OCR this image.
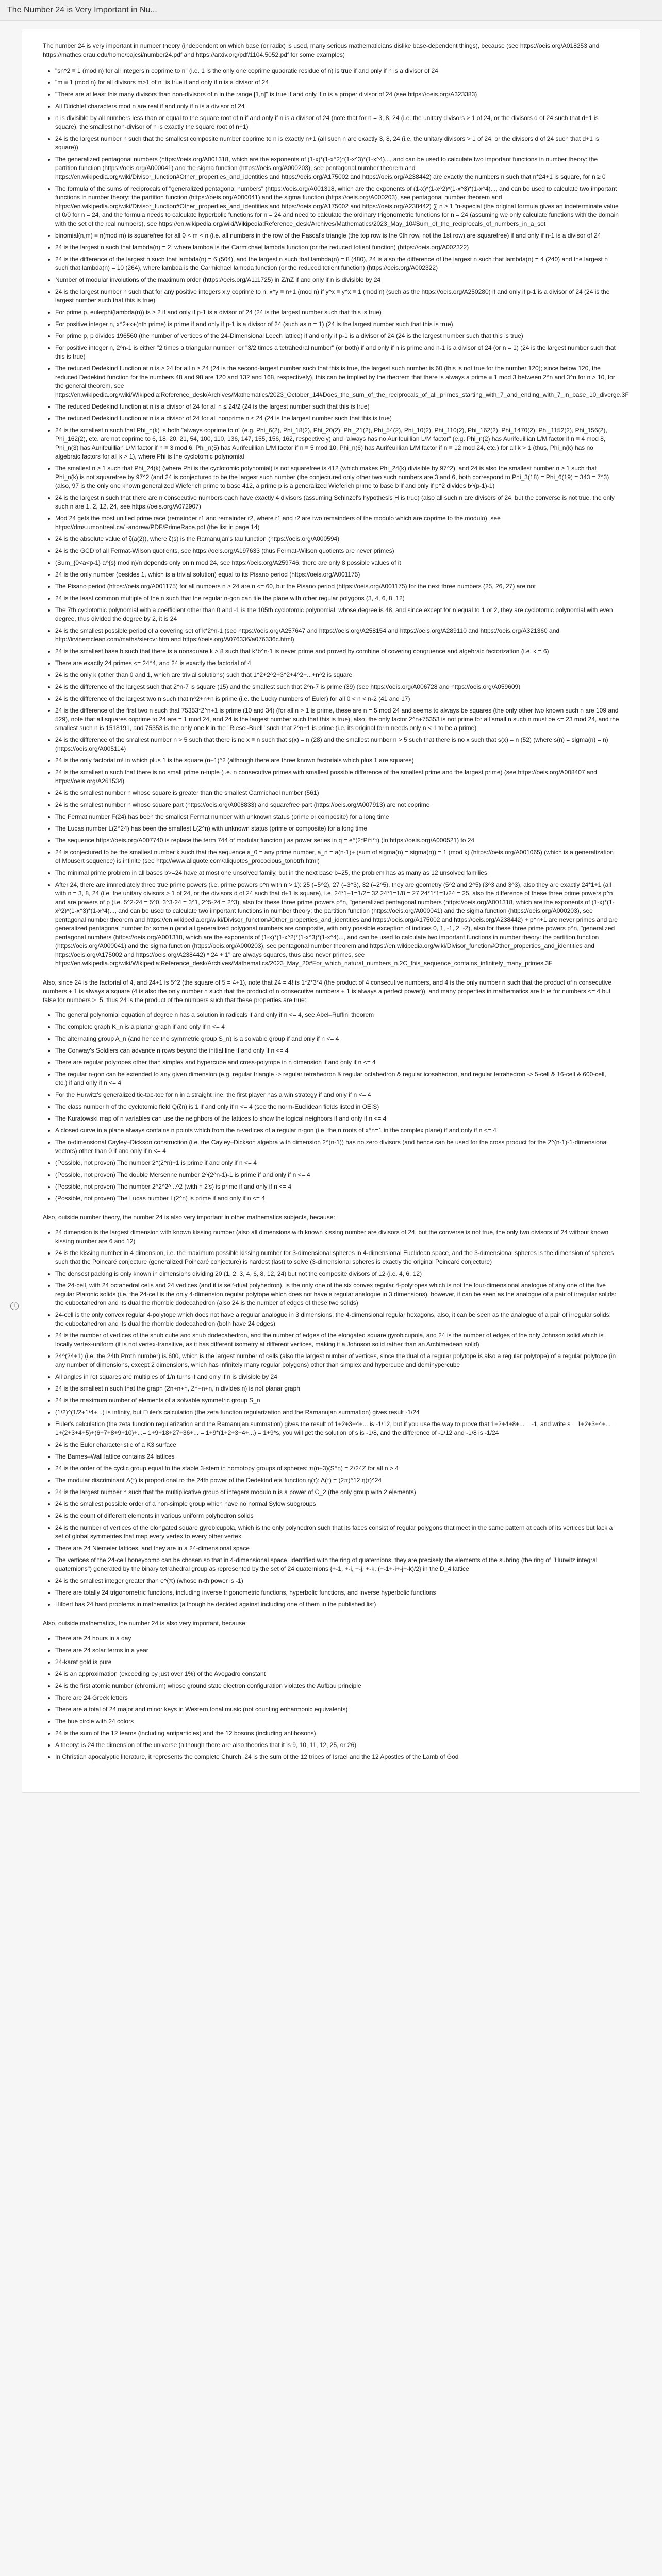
The Number 24 is Very Important in Nu...
i

The number 24 is very important in number theory (independent on which base (or radix) is used, many serious mathematicians dislike base-dependent things), because (see https://oeis.org/A018253 and https://mathcs.erau.edu/home/bajcsi/number24.pdf and https://arxiv.org/pdf/1104.5052.pdf for some examples)

• "sn^2 ≡ 1 (mod n) for all integers n coprime to n" (i.e. 1 is the only one coprime quadratic residue of n) is true if and only if n is a divisor of 24
• "m ≡ 1 (mod n) for all divisors m>1 of n" is true if and only if n is a divisor of 24
• "There are at least this many divisors than non-divisors of n in the range [1,n]" is true if and only if n is a proper divisor of 24 (see https://oeis.org/A323383)
• All Dirichlet characters mod n are real if and only if n is a divisor of 24
• n is divisible by all numbers less than or equal to the square root of n if and only if n is a divisor of 24 (note that for n = 3, 8, 24 (i.e. the unitary divisors > 1 of 24, or the divisors d of 24 such that d+1 is square), the smallest non-divisor of n is exactly the square root of n+1)
• 24 is the largest number n such that the smallest composite number coprime to n is exactly n+1 (all such n are exactly 3, 8, 24 (i.e. the unitary divisors > 1 of 24, or the divisors d of 24 such that d+1 is square))
• The generalized pentagonal numbers (https://oeis.org/A001318, which are the exponents of (1-x)*(1-x^2)*(1-x^3)*(1-x^4)..., and can be used to calculate two important functions in number theory: the partition function (https://oeis.org/A000041) and the sigma function (https://oeis.org/A000203), see pentagonal number theorem and https://en.wikipedia.org/wiki/Divisor_function#Other_properties_and_identities and https://oeis.org/A175002 and https://oeis.org/A238442) are exactly the numbers n such that n*24+1 is square, for n ≥ 0
• The formula of the sums of reciprocals of "generalized pentagonal numbers" (https://oeis.org/A001318, which are the exponents of (1-x)*(1-x^2)*(1-x^3)*(1-x^4)..., and can be used to calculate two important functions in number theory: the partition function (https://oeis.org/A000041) and the sigma function (https://oeis.org/A000203), see pentagonal number theorem and https://en.wikipedia.org/wiki/Divisor_function#Other_properties_and_identities and https://oeis.org/A175002 and https://oeis.org/A238442) ∑ n ≥ 1 "n-special (the original formula gives an indeterminate value of 0/0 for n = 24, and the formula needs to calculate hyperbolic functions for n = 24 and need to calculate the ordinary trigonometric functions for n = 24 (assuming we only calculate functions with the domain with the set of the real numbers), see https://en.wikipedia.org/wiki/Wikipedia:Reference_desk/Archives/Mathematics/2023_May_10#Sum_of_the_reciprocals_of_numbers_in_a_set
• binomial(n,m) ≡ n(mod m) is squarefree for all 0 < m < n (i.e. all numbers in the row of the Pascal's triangle (the top row is the 0th row, not the 1st row) are squarefree) if and only if n-1 is a divisor of 24
• 24 is the largest n such that lambda(n) = 2, where lambda is the Carmichael lambda function (or the reduced totient function) (https://oeis.org/A002322)
• 24 is the difference of the largest n such that lambda(n) = 6 (504), and the largest n such that lambda(n) = 8 (480), 24 is also the difference of the largest n such that lambda(n) = 4 (240) and the largest n such that lambda(n) = 10 (264), where lambda is the Carmichael lambda function (or the reduced totient function) (https://oeis.org/A002322)
• Number of modular involutions of the maximum order (https://oeis.org/A111725) in Z/nZ if and only if n is divisible by 24
• 24 is the largest number n such that for any positive integers x,y coprime to n, x^y ≡ n+1 (mod n) if y^x ≡ y^x ≡ 1 (mod n) (such as the https://oeis.org/A250280) if and only if p-1 is a divisor of 24 (24 is the largest number such that this is true)
• For prime p, eulerphi(lambda(n)) is ≥ 2 if and only if p-1 is a divisor of 24 (24 is the largest number such that this is true)
• For positive integer n, x^2+x+(nth prime) is prime if and only if p-1 is a divisor of 24 (such as n = 1) (24 is the largest number such that this is true)
• For prime p, p divides 196560 (the number of vertices of the 24-Dimensional Leech lattice) if and only if p-1 is a divisor of 24 (24 is the largest number such that this is true)
• For positive integer n, 2^n-1 is either "2 times a triangular number" or "3/2 times a tetrahedral number" (or both) if and only if n is prime and n-1 is a divisor of 24 (or n = 1) (24 is the largest number such that this is true)
• The reduced Dedekind function at n is ≥ 24 for all n ≥ 24 (24 is the second-largest number such that this is true, the largest such number is 60 (this is not true for the number 120); since below 120, the reduced Dedekind function for the numbers 48 and 98 are 120 and 132 and 168, respectively), this can be implied by the theorem that there is always a prime ≡ 1 mod 3 between 2^n and 3^n for n > 10, for the general theorem, see https://en.wikipedia.org/wiki/Wikipedia:Reference_desk/Archives/Mathematics/2023_October_14#Does_the_sum_of_the_reciprocals_of_all_primes_starting_with_7_and_ending_with_7_in_base_10_diverge.3F
• The reduced Dedekind function at n is a divisor of 24 for all n ≤ 24/2 (24 is the largest number such that this is true)
• The reduced Dedekind function at n is a divisor of 24 for all nonprime n ≤ 24 (24 is the largest number such that this is true)
• 24 is the smallest n such that Phi_n(k) is both "always coprime to n" (e.g. Phi_6(2), Phi_18(2), Phi_20(2), Phi_21(2), Phi_54(2), Phi_10(2), Phi_110(2), Phi_162(2), Phi_1470(2), Phi_1152(2), Phi_156(2), Phi_162(2), etc. are not coprime to 6, 18, 20, 21, 54, 100, 110, 136, 147, 155, 156, 162, respectively) and "always has no Aurifeuillian L/M factor" (e.g. Phi_n(2) has Aurifeuillian L/M factor if n ≡ 4 mod 8, Phi_n(3) has Aurifeuillian L/M factor if n ≡ 3 mod 6, Phi_n(5) has Aurifeuillian L/M factor if n ≡ 5 mod 10, Phi_n(6) has Aurifeuillian L/M factor if n ≡ 12 mod 24, etc.) for all k > 1 (thus, Phi_n(k) has no algebraic factors for all k > 1), where Phi is the cyclotomic polynomial
• The smallest n ≥ 1 such that Phi_24(k) (where Phi is the cyclotomic polynomial) is not squarefree is 412 (which makes Phi_24(k) divisible by 97^2), and 24 is also the smallest number n ≥ 1 such that Phi_n(k) is not squarefree by 97^2 (and 24 is conjectured to be the largest such number (the conjectured only other two such numbers are 3 and 6, both correspond to Phi_3(18) = Phi_6(19) = 343 = 7^3) (also, 97 is the only one known generalized Wieferich prime to base 412, a prime p is a generalized Wieferich prime to base b if and only if p^2 divides b^(p-1)-1)
• 24 is the largest n such that there are n consecutive numbers each have exactly 4 divisors (assuming Schinzel's hypothesis H is true) (also all such n are divisors of 24, but the converse is not true, the only such n are 1, 2, 12, 24, see https://oeis.org/A072907)
• Mod 24 gets the most unified prime race (remainder r1 and remainder r2, where r1 and r2 are two remainders of the modulo which are coprime to the modulo), see https://dms.umontreal.ca/~andrew/PDF/PrimeRace.pdf (the list in page 14)
• 24 is the absolute value of ζ(a(2)), where ζ(s) is the Ramanujan's tau function (https://oeis.org/A000594)
• 24 is the GCD of all Fermat-Wilson quotients, see https://oeis.org/A197633 (thus Fermat-Wilson quotients are never primes)
• (Sum_{0<a<p-1} a^{s} mod n)/n depends only on n mod 24, see https://oeis.org/A259746, there are only 8 possible values of it
• 24 is the only number (besides 1, which is a trivial solution) equal to its Pisano period (https://oeis.org/A001175)
• The Pisano period (https://oeis.org/A001175) for all numbers n ≥ 24 are n <= 60, but the Pisano period (https://oeis.org/A001175) for the next three numbers (25, 26, 27) are not
• 24 is the least common multiple of the n such that the regular n-gon can tile the plane with other regular polygons (3, 4, 6, 8, 12)
• The 7th cyclotomic polynomial with a coefficient other than 0 and -1 is the 105th cyclotomic polynomial, whose degree is 48, and since except for n equal to 1 or 2, they are cyclotomic polynomial with even degree, thus divided the degree by 2, it is 24
• 24 is the smallest possible period of a covering set of k*2^n-1 (see https://oeis.org/A257647 and https://oeis.org/A258154 and https://oeis.org/A289110 and https://oeis.org/A321360 and http://irvinemclean.com/maths/siercvr.htm and https://oeis.org/A076336/a076336c.html)
• 24 is the smallest base b such that there is a nonsquare k > 8 such that k*b^n-1 is never prime and proved by combine of covering congruence and algebraic factorization (i.e. k = 6)
• There are exactly 24 primes <= 24^4, and 24 is exactly the factorial of 4
• 24 is the only k (other than 0 and 1, which are trivial solutions) such that 1^2+2^2+3^2+4^2+...+n^2 is square
• 24 is the difference of the largest such that 2^n-7 is square (15) and the smallest such that 2^n-7 is prime (39) (see https://oeis.org/A006728 and https://oeis.org/A059609)
• 24 is the difference of the largest two n such that n^2+n+n is prime (i.e. the Lucky numbers of Euler) for all 0 < n < n-2 (41 and 17)
• 24 is the difference of the first two n such that 75353*2^n+1 is prime (10 and 34) (for all n > 1 is prime, these are n = 5 mod 24 and seems to always be squares (the only other two known such n are 109 and 529), note that all squares coprime to 24 are = 1 mod 24, and 24 is the largest number such that this is true), also, the only factor 2^n+75353 is not prime for all small n such n must be <= 23 mod 24, and the smallest such n is 1518191, and 75353 is the only one k in the "Riesel-Buell" such that 2^n+1 is prime (i.e. its original form needs only n < 1 to be a prime)
• 24 is the difference of the smallest number n > 5 such that there is no x ≡ n such that s(x) = n (28) and the smallest number n > 5 such that there is no x such that s(x) = n (52) (where s(n) = sigma(n) = n) (https://oeis.org/A005114)
• 24 is the only factorial m! in which plus 1 is the square (n+1)^2 (although there are three known factorials which plus 1 are squares)
• 24 is the smallest n such that there is no small prime n-tuple (i.e. n consecutive primes with smallest possible difference of the smallest prime and the largest prime) (see https://oeis.org/A008407 and https://oeis.org/A261534)
• 24 is the smallest number n whose square is greater than the smallest Carmichael number (561)
• 24 is the smallest number n whose square part (https://oeis.org/A008833) and squarefree part (https://oeis.org/A007913) are not coprime
• The Fermat number F(24) has been the smallest Fermat number with unknown status (prime or composite) for a long time
• The Lucas number L(2^24) has been the smallest L(2^n) with unknown status (prime or composite) for a long time
• The sequence https://oeis.org/A007740 is replace the term 744 of modular function j as power series in q = e^(2*Pi*i*τ) (in https://oeis.org/A000521) to 24
• 24 is conjectured to be the smallest number k such that the sequence a_0 = any prime number, a_n = a(n-1)+ (sum of sigma(n) = sigma(n)) = 1 (mod k) (https://oeis.org/A001065) (which is a generalization of Mousert sequence) is infinite (see http://www.aliquote.com/aliquotes_prococious_tonotrh.html)
• The minimal prime problem in all bases b>=24 have at most one unsolved family, but in the next base b=25, the problem has as many as 12 unsolved families
• After 24, there are immediately three true prime powers (i.e. prime powers p^n with n > 1): 25 (=5^2), 27 (=3^3), 32 (=2^5), they are geometry (5^2 and 2^5) (3^3 and 3^3), also they are exactly 24*1+1 (all with n = 3, 8, 24 (i.e. the unitary divisors > 1 of 24, or the divisors d of 24 such that d+1 is square), i.e. 24*1+1=1/2= 32 24*1=1/8 = 27 24*1*1=1/24 = 25, also the difference of these three prime powers p^n and are powers of p (i.e. 5^2-24 = 5^0, 3^3-24 = 3^1, 2^5-24 = 2^3), also for these three prime powers p^n, "generalized pentagonal numbers (https://oeis.org/A001318, which are the exponents of (1-x)*(1-x^2)*(1-x^3)*(1-x^4)..., and can be used to calculate two important functions in number theory: the partition function (https://oeis.org/A000041) and the sigma function (https://oeis.org/A000203), see pentagonal number theorem and https://en.wikipedia.org/wiki/Divisor_function#Other_properties_and_identities and https://oeis.org/A175002 and https://oeis.org/A238442) + p^n+1 are never primes and are generalized pentagonal number for some n (and all generalized polygonal numbers are composite, with only possible exception of indices 0, 1, -1, 2, -2), also for these three prime powers p^n, "generalized pentagonal numbers (https://oeis.org/A001318, which are the exponents of (1-x)*(1-x^2)*(1-x^3)*(1-x^4)..., and can be used to calculate two important functions in number theory: the partition function (https://oeis.org/A000041) and the sigma function (https://oeis.org/A000203), see pentagonal number theorem and https://en.wikipedia.org/wiki/Divisor_function#Other_properties_and_identities and https://oeis.org/A175002 and https://oeis.org/A238442) * 24 + 1" are always squares, thus also never primes, see https://en.wikipedia.org/wiki/Wikipedia:Reference_desk/Archives/Mathematics/2023_May_20#For_which_natural_numbers_n.2C_this_sequence_contains_infinitely_many_primes.3F

Also, since 24 is the factorial of 4, and 24+1 is 5^2 (the square of 5 = 4+1), note that 24 = 4! is 1*2*3*4 (the product of 4 consecutive numbers, and 4 is the only number n such that the product of n consecutive numbers + 1 is always a square (4 is also the only number n such that the product of n consecutive numbers + 1 is always a perfect power)), and many properties in mathematics are true for numbers <= 4 but false for numbers >=5, thus 24 is the product of the numbers such that these properties are true:

• The general polynomial equation of degree n has a solution in radicals if and only if n <= 4, see Abel–Ruffini theorem
• The complete graph K_n is a planar graph if and only if n <= 4
• The alternating group A_n (and hence the symmetric group S_n) is a solvable group if and only if n <= 4
• The Conway's Soldiers can advance n rows beyond the initial line if and only if n <= 4
• There are regular polytopes other than simplex and hypercube and cross-polytope in n dimension if and only if n <= 4
• The regular n-gon can be extended to any given dimension (e.g. regular triangle -> regular tetrahedron & regular octahedron & regular icosahedron, and regular tetrahedron -> 5-cell & 16-cell & 600-cell, etc.) if and only if n <= 4
• For the Hurwitz's generalized tic-tac-toe for n in a straight line, the first player has a win strategy if and only if n <= 4
• The class number h of the cyclotomic field Q(ζn) is 1 if and only if n <= 4 (see the norm-Euclidean fields listed in OEIS)
• The Kuratowski map of n variables can use the neighbors of the lattices to show the logical neighbors if and only if n <= 4
• A closed curve in a plane always contains n points which from the n-vertices of a regular n-gon (i.e. the n roots of x^n=1 in the complex plane) if and only if n <= 4
• The n-dimensional Cayley–Dickson construction (i.e. the Cayley–Dickson algebra with dimension 2^(n-1)) has no zero divisors (and hence can be used for the cross product for the 2^(n-1)-1-dimensional vectors) other than 0 if and only if n <= 4
• (Possible, not proven) The number 2^(2^n)+1 is prime if and only if n <= 4
• (Possible, not proven) The double Mersenne number 2^(2^n-1)-1 is prime if and only if n <= 4
• (Possible, not proven) The number 2^2^2^...^2 (with n 2's) is prime if and only if n <= 4
• (Possible, not proven) The Lucas number L(2^n) is prime if and only if n <= 4

Also, outside number theory, the number 24 is also very important in other mathematics subjects, because:

• 24 dimension is the largest dimension with known kissing number (also all dimensions with known kissing number are divisors of 24, but the converse is not true, the only two divisors of 24 without known kissing number are 6 and 12)
• 24 is the kissing number in 4 dimension, i.e. the maximum possible kissing number for 3-dimensional spheres in 4-dimensional Euclidean space, and the 3-dimensional spheres is the dimension of spheres such that the Poincaré conjecture (generalized Poincaré conjecture) is hardest (last) to solve (3-dimensional spheres is exactly the original Poincaré conjecture)
• The densest packing is only known in dimensions dividing 20 (1, 2, 3, 4, 6, 8, 12, 24) but not the composite divisors of 12 (i.e. 4, 6, 12)
• The 24-cell, with 24 octahedral cells and 24 vertices (and it is self-dual polyhedron), is the only one of the six convex regular 4-polytopes which is not the four-dimensional analogue of any one of the five regular Platonic solids (i.e. the 24-cell is the only 4-dimension regular polytope which does not have a regular analogue in 3 dimensions), however, it can be seen as the analogue of a pair of irregular solids: the cuboctahedron and its dual the rhombic dodecahedron (also 24 is the number of edges of these two solids)
• 24-cell is the only convex regular 4-polytope which does not have a regular analogue in 3 dimensions, the 4-dimensional regular hexagons, also, it can be seen as the analogue of a pair of irregular solids: the cuboctahedron and its dual the rhombic dodecahedron (both have 24 edges)
• 24 is the number of vertices of the snub cube and snub dodecahedron, and the number of edges of the elongated square gyrobicupola, and 24 is the number of edges of the only Johnson solid which is locally vertex-uniform (it is not vertex-transitive, as it has different isometry at different vertices, making it a Johnson solid rather than an Archimedean solid)
• 24^(24+1) (i.e. the 24th Proth number) is 600, which is the largest number of cells (also the largest number of vertices, since the dual of a regular polytope is also a regular polytope) of a regular polytope (in any number of dimensions, except 2 dimensions, which has infinitely many regular polygons) other than simplex and hypercube and demihypercube
• All angles in rot squares are multiples of 1/n turns if and only if n is divisible by 24
• 24 is the smallest n such that the graph (2n+n+n, 2n+n+n, n divides n) is not planar graph
• 24 is the maximum number of elements of a solvable symmetric group S_n
• (1/2)^(1/2+1/4+...) is infinity, but Euler's calculation (the zeta function regularization and the Ramanujan summation) gives result -1/24
• Euler's calculation (the zeta function regularization and the Ramanujan summation) gives the result of 1+2+3+4+... is -1/12, but if you use the way to prove that 1+2+4+8+... = -1, and write s = 1+2+3+4+... = 1+(2+3+4+5)+(6+7+8+9+10)+...= 1+9+18+27+36+... = 1+9*(1+2+3+4+...) = 1+9*s, you will get the solution of s is -1/8, and the difference of -1/12 and -1/8 is -1/24
• 24 is the Euler characteristic of a K3 surface
• The Barnes–Wall lattice contains 24 lattices
• 24 is the order of the cyclic group equal to the stable 3-stem in homotopy groups of spheres: π(n+3)(S^n) = Z/24Z for all n > 4
• The modular discriminant Δ(τ) is proportional to the 24th power of the Dedekind eta function η(τ): Δ(τ) = (2π)^12 η(τ)^24
• 24 is the largest number n such that the multiplicative group of integers modulo n is a power of C_2 (the only group with 2 elements)
• 24 is the smallest possible order of a non-simple group which have no normal Sylow subgroups
• 24 is the count of different elements in various uniform polyhedron solids
• 24 is the number of vertices of the elongated square gyrobicupola, which is the only polyhedron such that its faces consist of regular polygons that meet in the same pattern at each of its vertices but lack a set of global symmetries that map every vertex to every other vertex
• There are 24 Niemeier lattices, and they are in a 24-dimensional space
• The vertices of the 24-cell honeycomb can be chosen so that in 4-dimensional space, identified with the ring of quaternions, they are precisely the elements of the subring (the ring of "Hurwitz integral quaternions") generated by the binary tetrahedral group as represented by the set of 24 quaternions {+-1, +-i, +-j, +-k, (+-1+-i+-j+-k)/2} in the D_4 lattice
• 24 is the smallest integer greater than e^(π) (whose n-th power is -1)
• There are totally 24 trigonometric functions, including inverse trigonometric functions, hyperbolic functions, and inverse hyperbolic functions
• Hilbert has 24 hard problems in mathematics (although he decided against including one of them in the published list)

Also, outside mathematics, the number 24 is also very important, because:

• There are 24 hours in a day
• There are 24 solar terms in a year
• 24-karat gold is pure
• 24 is an approximation (exceeding by just over 1%) of the Avogadro constant
• 24 is the first atomic number (chromium) whose ground state electron configuration violates the Aufbau principle
• There are 24 Greek letters
• There are a total of 24 major and minor keys in Western tonal music (not counting enharmonic equivalents)
• The hue circle with 24 colors
• 24 is the sum of the 12 teams (including antiparticles) and the 12 bosons (including antibosons)
• A theory: is 24 the dimension of the universe (although there are also theories that it is 9, 10, 11, 12, 25, or 26)
• In Christian apocalyptic literature, it represents the complete Church, 24 is the sum of the 12 tribes of Israel and the 12 Apostles of the Lamb of God
